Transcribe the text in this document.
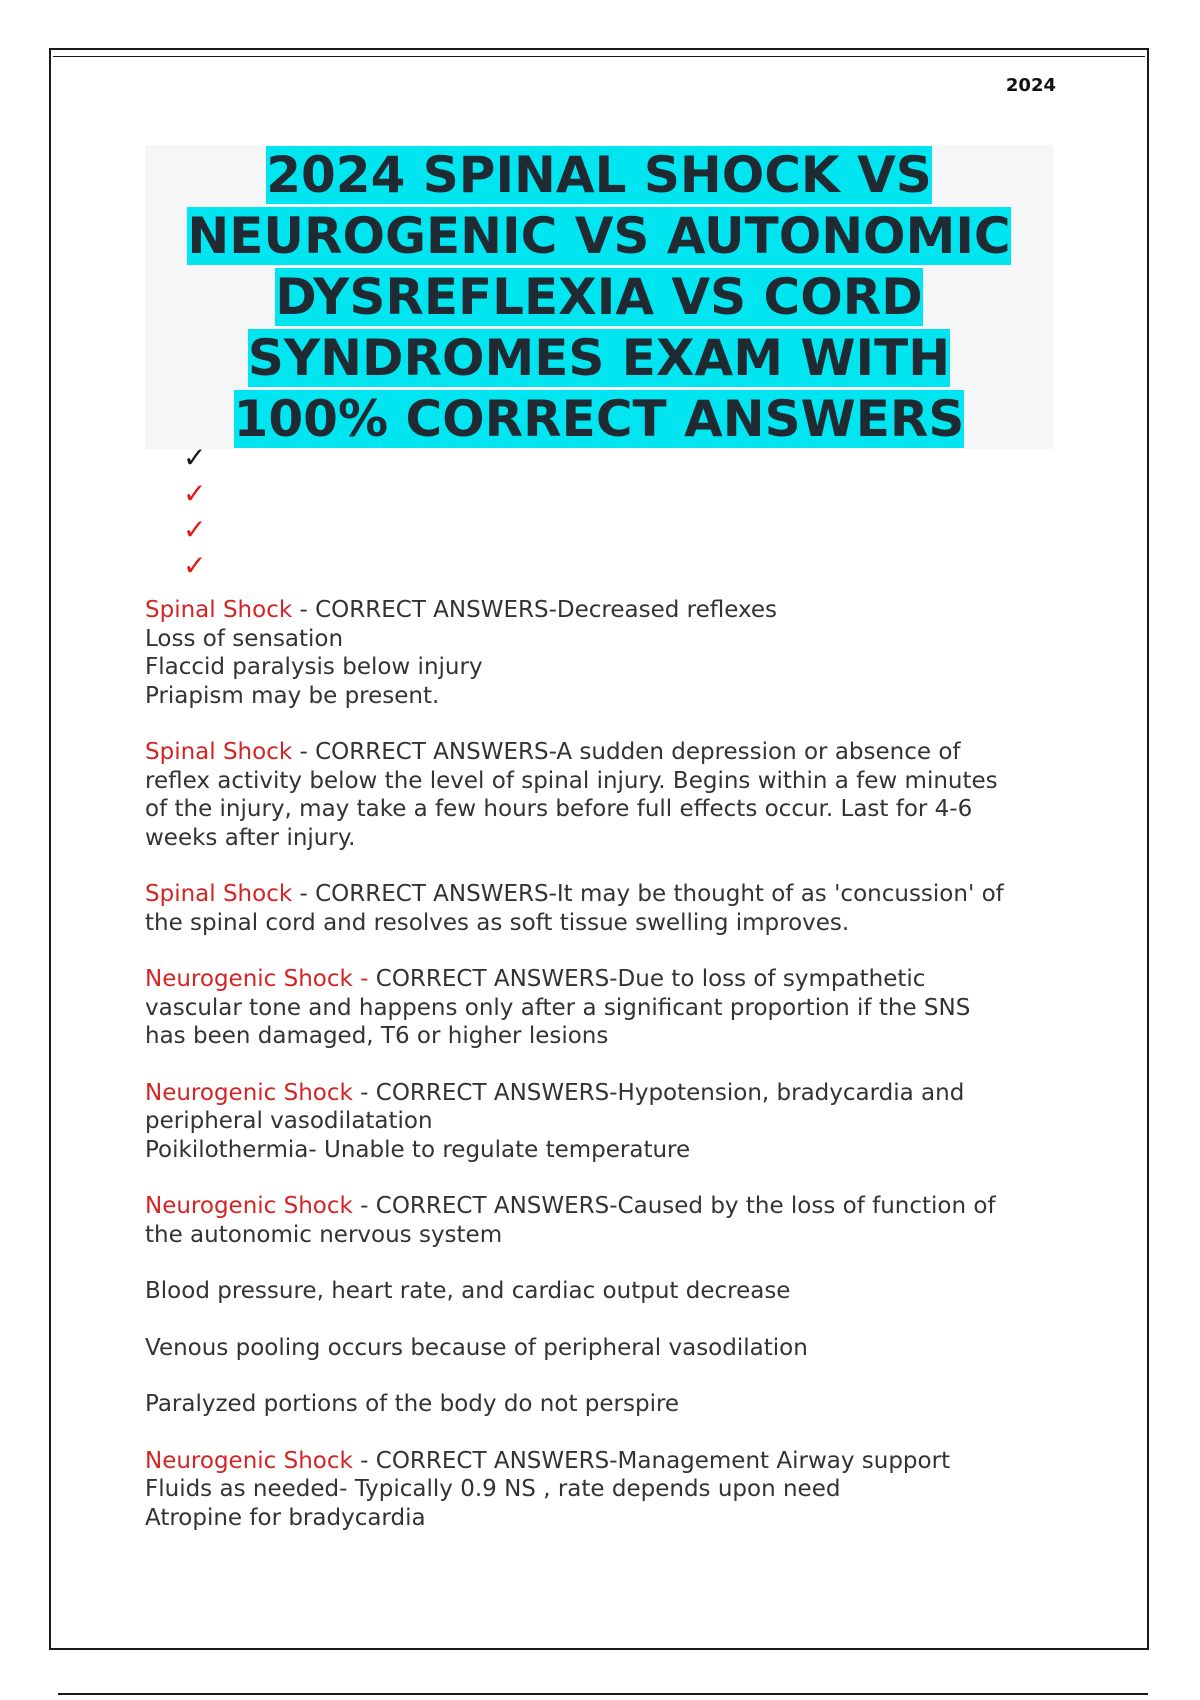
2024
2024 SPINAL SHOCK VS
NEUROGENIC VS AUTONOMIC
DYSREFLEXIA VS CORD
SYNDROMES EXAM WITH
100% CORRECT ANSWERS
✓
✓
✓
✓
Spinal Shock - CORRECT ANSWERS-Decreased reflexes
Loss of sensation
Flaccid paralysis below injury
Priapism may be present.
Spinal Shock - CORRECT ANSWERS-A sudden depression or absence of
reflex activity below the level of spinal injury. Begins within a few minutes
of the injury, may take a few hours before full effects occur. Last for 4-6
weeks after injury.
Spinal Shock - CORRECT ANSWERS-It may be thought of as 'concussion' of
the spinal cord and resolves as soft tissue swelling improves.
Neurogenic Shock - CORRECT ANSWERS-Due to loss of sympathetic
vascular tone and happens only after a significant proportion if the SNS
has been damaged, T6 or higher lesions
Neurogenic Shock - CORRECT ANSWERS-Hypotension, bradycardia and
peripheral vasodilatation
Poikilothermia- Unable to regulate temperature
Neurogenic Shock - CORRECT ANSWERS-Caused by the loss of function of
the autonomic nervous system
Blood pressure, heart rate, and cardiac output decrease
Venous pooling occurs because of peripheral vasodilation
Paralyzed portions of the body do not perspire
Neurogenic Shock - CORRECT ANSWERS-Management Airway support
Fluids as needed- Typically 0.9 NS , rate depends upon need
Atropine for bradycardia
